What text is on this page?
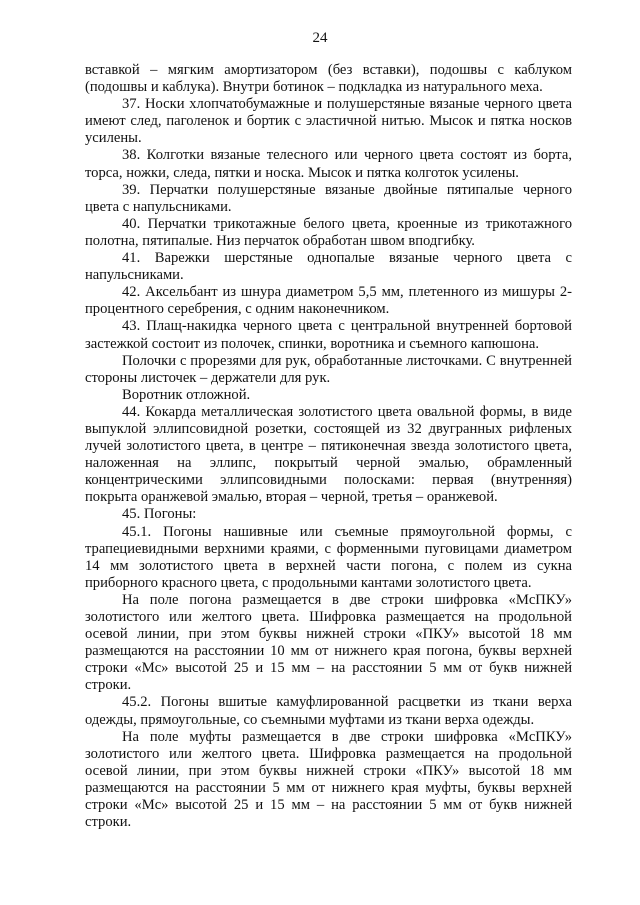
24

вставкой – мягким амортизатором (без вставки), подошвы с каблуком (подошвы и каблука). Внутри ботинок – подкладка из натурального меха.

37. Носки хлопчатобумажные и полушерстяные вязаные черного цвета имеют след, паголенок и бортик с эластичной нитью. Мысок и пятка носков усилены.

38. Колготки вязаные телесного или черного цвета состоят из борта, торса, ножки, следа, пятки и носка. Мысок и пятка колготок усилены.

39. Перчатки полушерстяные вязаные двойные пятипалые черного цвета с напульсниками.

40. Перчатки трикотажные белого цвета, кроенные из трикотажного полотна, пятипалые. Низ перчаток обработан швом вподгибку.

41. Варежки шерстяные однопалые вязаные черного цвета с напульсниками.

42. Аксельбант из шнура диаметром 5,5 мм, плетенного из мишуры 2-процентного серебрения, с одним наконечником.

43. Плащ-накидка черного цвета с центральной внутренней бортовой застежкой состоит из полочек, спинки, воротника и съемного капюшона.

Полочки с прорезями для рук, обработанные листочками. С внутренней стороны листочек – держатели для рук.

Воротник отложной.

44. Кокарда металлическая золотистого цвета овальной формы, в виде выпуклой эллипсовидной розетки, состоящей из 32 двугранных рифленых лучей золотистого цвета, в центре – пятиконечная звезда золотистого цвета, наложенная на эллипс, покрытый черной эмалью, обрамленный концентрическими эллипсовидными полосками: первая (внутренняя) покрыта оранжевой эмалью, вторая – черной, третья – оранжевой.

45. Погоны:

45.1. Погоны нашивные или съемные прямоугольной формы, с трапециевидными верхними краями, с форменными пуговицами диаметром 14 мм золотистого цвета в верхней части погона, с полем из сукна приборного красного цвета, с продольными кантами золотистого цвета.

На поле погона размещается в две строки шифровка «МсПКУ» золотистого или желтого цвета. Шифровка размещается на продольной осевой линии, при этом буквы нижней строки «ПКУ» высотой 18 мм размещаются на расстоянии 10 мм от нижнего края погона, буквы верхней строки «Мс» высотой 25 и 15 мм – на расстоянии 5 мм от букв нижней строки.

45.2. Погоны вшитые камуфлированной расцветки из ткани верха одежды, прямоугольные, со съемными муфтами из ткани верха одежды.

На поле муфты размещается в две строки шифровка «МсПКУ» золотистого или желтого цвета. Шифровка размещается на продольной осевой линии, при этом буквы нижней строки «ПКУ» высотой 18 мм размещаются на расстоянии 5 мм от нижнего края муфты, буквы верхней строки «Мс» высотой 25 и 15 мм – на расстоянии 5 мм от букв нижней строки.
